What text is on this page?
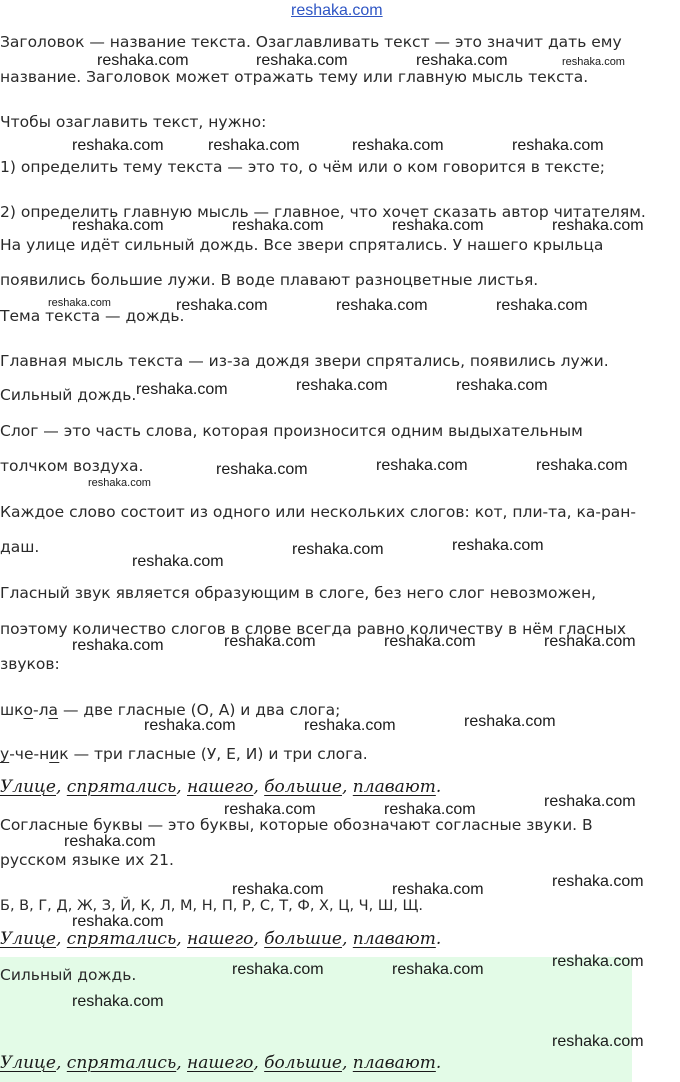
reshaka.com
Заголовок — название текста. Озаглавливать текст — это значит дать ему
название. Заголовок может отражать тему или главную мысль текста.
Чтобы озаглавить текст, нужно:
1) определить тему текста — это то, о чём или о ком говорится в тексте;
2) определить главную мысль — главное, что хочет сказать автор читателям.
На улице идёт сильный дождь. Все звери спрятались. У нашего крыльца
появились большие лужи. В воде плавают разноцветные листья.
Тема текста — дождь.
Главная мысль текста — из-за дождя звери спрятались, появились лужи.
Сильный дождь.
Слог — это часть слова, которая произносится одним выдыхательным
толчком воздуха.
Каждое слово состоит из одного или нескольких слогов: кот, пли-та, ка-ран-
даш.
Гласный звук является образующим в слоге, без него слог невозможен,
поэтому количество слогов в слове всегда равно количеству в нём гласных
звуков:
шко-ла — две гласные (О, А) и два слога;
у-че-ник — три гласные (У, Е, И) и три слога.
Улице, спрятались, нашего, большие, плавают.
Согласные буквы — это буквы, которые обозначают согласные звуки. В
русском языке их 21.
Б, В, Г, Д, Ж, З, Й, К, Л, М, Н, П, Р, С, Т, Ф, Х, Ц, Ч, Ш, Щ.
Улице, спрятались, нашего, большие, плавают.
Сильный дождь.
Улице, спрятались, нашего, большие, плавают.
reshaka.com	reshaka.com	reshaka.com	reshaka.com
reshaka.com	reshaka.com	reshaka.com	reshaka.com
reshaka.com	reshaka.com	reshaka.com	reshaka.com
reshaka.com	reshaka.com	reshaka.com	reshaka.com
reshaka.com	reshaka.com	reshaka.com
reshaka.com	reshaka.com	reshaka.com
reshaka.com
reshaka.com
reshaka.com	reshaka.com
reshaka.com	reshaka.com	reshaka.com	reshaka.com
reshaka.com	reshaka.com	reshaka.com
reshaka.com	reshaka.com	reshaka.com
reshaka.com
reshaka.com	reshaka.com	reshaka.com
reshaka.com
reshaka.com	reshaka.com	reshaka.com
reshaka.com
reshaka.com
